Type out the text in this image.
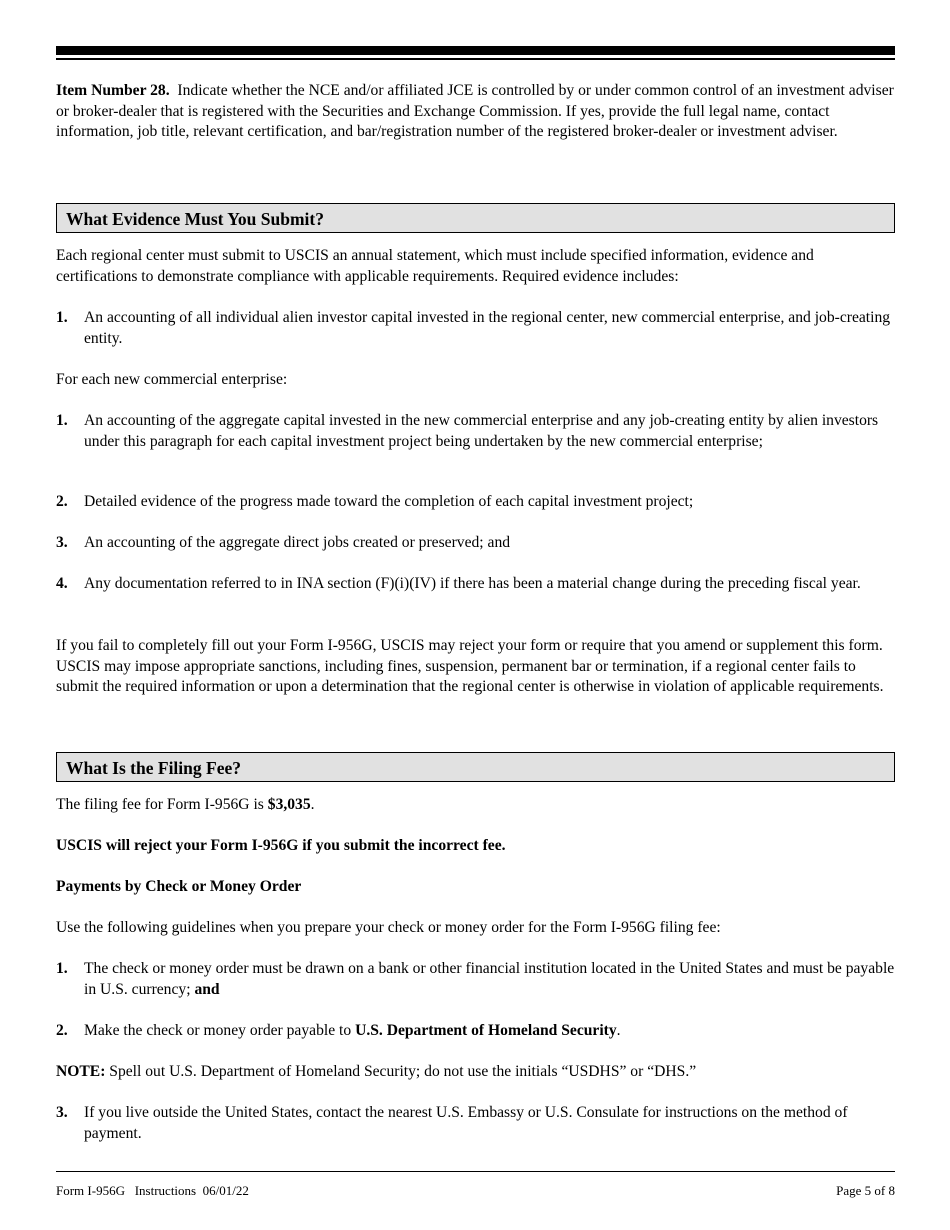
Item Number 28. Indicate whether the NCE and/or affiliated JCE is controlled by or under common control of an investment adviser or broker-dealer that is registered with the Securities and Exchange Commission. If yes, provide the full legal name, contact information, job title, relevant certification, and bar/registration number of the registered broker-dealer or investment adviser.

What Evidence Must You Submit?

Each regional center must submit to USCIS an annual statement, which must include specified information, evidence and certifications to demonstrate compliance with applicable requirements. Required evidence includes:

1. An accounting of all individual alien investor capital invested in the regional center, new commercial enterprise, and job-creating entity.

For each new commercial enterprise:

1. An accounting of the aggregate capital invested in the new commercial enterprise and any job-creating entity by alien investors under this paragraph for each capital investment project being undertaken by the new commercial enterprise;

2. Detailed evidence of the progress made toward the completion of each capital investment project;

3. An accounting of the aggregate direct jobs created or preserved; and

4. Any documentation referred to in INA section (F)(i)(IV) if there has been a material change during the preceding fiscal year.

If you fail to completely fill out your Form I-956G, USCIS may reject your form or require that you amend or supplement this form. USCIS may impose appropriate sanctions, including fines, suspension, permanent bar or termination, if a regional center fails to submit the required information or upon a determination that the regional center is otherwise in violation of applicable requirements.

What Is the Filing Fee?

The filing fee for Form I-956G is $3,035.

USCIS will reject your Form I-956G if you submit the incorrect fee.

Payments by Check or Money Order

Use the following guidelines when you prepare your check or money order for the Form I-956G filing fee:

1. The check or money order must be drawn on a bank or other financial institution located in the United States and must be payable in U.S. currency; and

2. Make the check or money order payable to U.S. Department of Homeland Security.

NOTE: Spell out U.S. Department of Homeland Security; do not use the initials “USDHS” or “DHS.”

3. If you live outside the United States, contact the nearest U.S. Embassy or U.S. Consulate for instructions on the method of payment.

Form I-956G   Instructions  06/01/22	Page 5 of 8
